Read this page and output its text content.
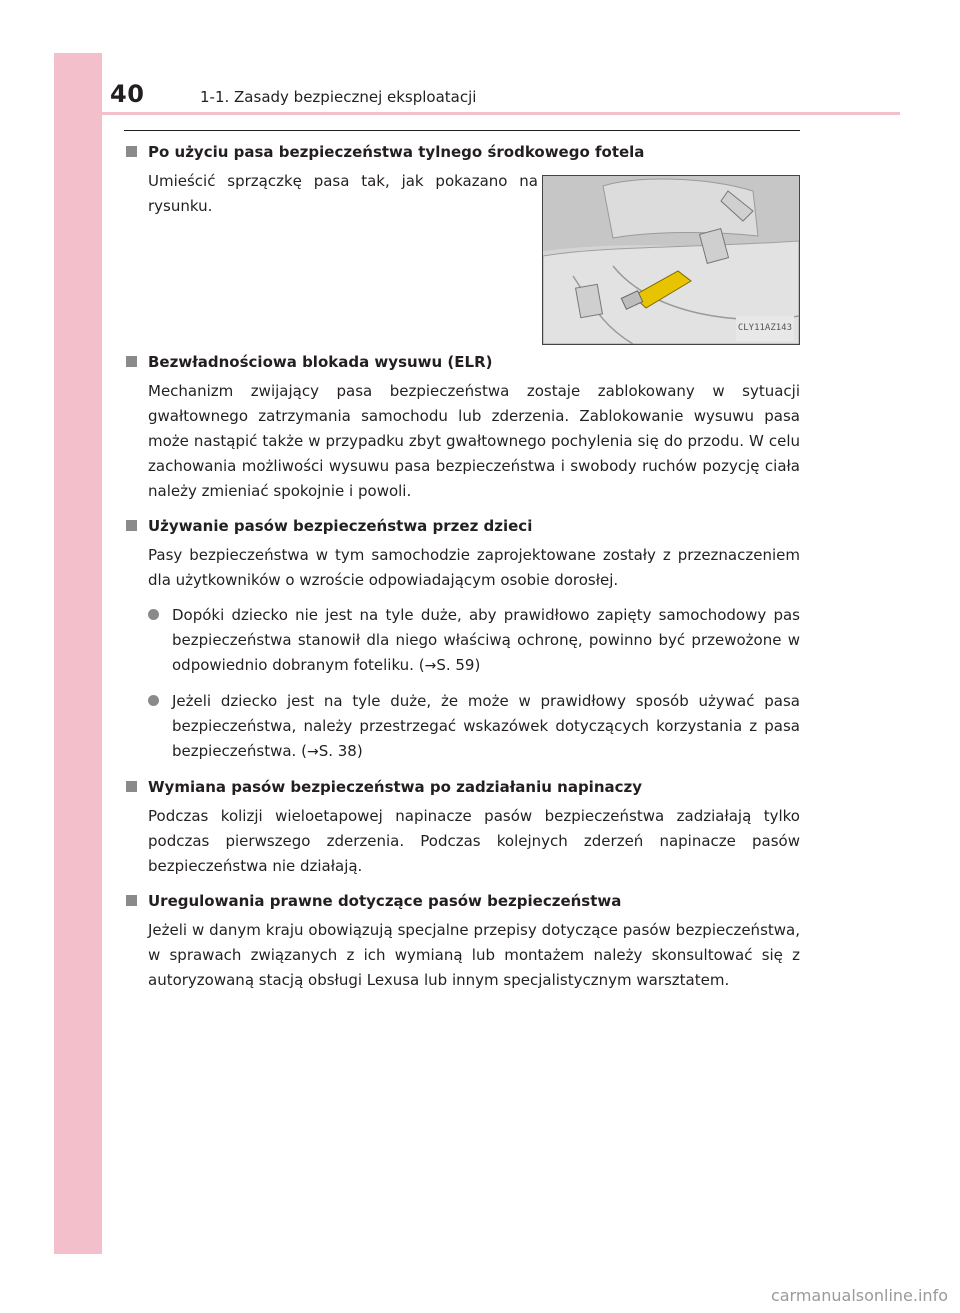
40	1-1. Zasady bezpiecznej eksploatacji
Po użyciu pasa bezpieczeństwa tylnego środkowego fotela
Umieścić sprzączkę pasa tak, jak pokazano na rysunku.
CLY11AZ143
Bezwładnościowa blokada wysuwu (ELR)
Mechanizm zwijający pasa bezpieczeństwa zostaje zablokowany w sytuacji gwałtownego zatrzymania samochodu lub zderzenia. Zablokowanie wysuwu pasa może nastąpić także w przypadku zbyt gwałtownego pochylenia się do przodu. W celu zachowania możliwości wysuwu pasa bezpieczeństwa i swobody ruchów pozycję ciała należy zmieniać spokojnie i powoli.
Używanie pasów bezpieczeństwa przez dzieci
Pasy bezpieczeństwa w tym samochodzie zaprojektowane zostały z przeznaczeniem dla użytkowników o wzroście odpowiadającym osobie dorosłej.
Dopóki dziecko nie jest na tyle duże, aby prawidłowo zapięty samochodowy pas bezpieczeństwa stanowił dla niego właściwą ochronę, powinno być przewożone w odpowiednio dobranym foteliku. (→S. 59)
Jeżeli dziecko jest na tyle duże, że może w prawidłowy sposób używać pasa bezpieczeństwa, należy przestrzegać wskazówek dotyczących korzystania z pasa bezpieczeństwa. (→S. 38)
Wymiana pasów bezpieczeństwa po zadziałaniu napinaczy
Podczas kolizji wieloetapowej napinacze pasów bezpieczeństwa zadziałają tylko podczas pierwszego zderzenia. Podczas kolejnych zderzeń napinacze pasów bezpieczeństwa nie działają.
Uregulowania prawne dotyczące pasów bezpieczeństwa
Jeżeli w danym kraju obowiązują specjalne przepisy dotyczące pasów bezpieczeństwa, w sprawach związanych z ich wymianą lub montażem należy skonsultować się z autoryzowaną stacją obsługi Lexusa lub innym specjalistycznym warsztatem.
carmanualsonline.info
